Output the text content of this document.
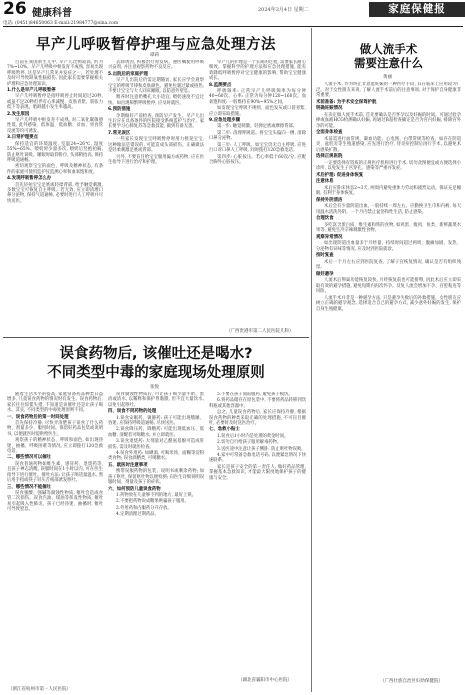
26 健康科普	2024年3月4日 星期二	家庭保健报
电话: (0451)84650063 E-mail:21984777@sina.com
早产儿呼吸暂停护理与应急处理方法
谭莉

目前在我国新生儿中, 早产儿比例较高, 约为7%~10%。早产儿呼吸中枢发育不成熟, 容易出现呼吸暂停, 这是早产儿常见并发症之一。若处理不及时可导致缺氧性脑损伤, 因此家长需要掌握相关护理和应急处理知识。

1.什么是早产儿呼吸暂停

早产儿呼吸暂停是指呼吸停止时间超过20秒, 或虽不足20秒但伴有心率减慢、皮肤青紫、肌张力低下等表现。胎龄越小发生率越高。

2.发生原因

早产儿呼吸中枢发育不成熟, 对二氧化碳敏感性低, 此外感染、低体温、低血糖、贫血、胃食管反流等均可诱发。

3.日常护理要点

保持适宜的环境温度, 室温24~26℃, 湿度55%~65%。喂奶时少量多次, 喂奶后竖抱拍嗝, 防止呕吐误吸。睡眠时取仰卧位, 头部稍抬高, 保持呼吸道通畅。

密切观察宝宝的面色、呼吸及精神状态, 有条件的家庭可使用监护仪监测心率和血氧饱和度。

4.发现呼吸暂停怎么办

首先轻拍宝宝足底或轻揉背部, 给予触觉刺激, 多数宝宝可恢复自主呼吸。若无效, 应立即清理口鼻分泌物, 保持气道通畅, 必要时进行人工呼吸并尽快送医。

去除诱因, 积极治疗原发病。遵医嘱使用呼吸兴奋剂, 并注意观察药物不良反应。

5.出院后的家庭护理

早产儿出院后仍需定期随访, 家长应学会观察宝宝的呼吸节律和皮肤颜色。避免包裹过紧或捂热, 不要让宝宝与大人同床睡眠, 以防意外窒息。

喂养时注意奶嘴孔大小适宜, 喂奶速度不宜过快。如出现频繁呼吸暂停, 应及时就医。

6.预防措施

孕期做好产前检查, 预防早产发生。早产儿出生后应在具备条件的医院接受系统监护与治疗。家长要学习心肺复苏等急救技能, 做到有备无患。

7.常见误区

一些家长发现宝宝呼吸暂停时用力摇晃宝宝, 这种做法是错误的, 可能造成头部损伤。正确做法是轻柔刺激足底或背部。

另外, 不要盲目给宝宝服用偏方或药物, 应在医生指导下进行治疗和护理。

早产儿的护理是一个长期的过程, 需要家长耐心细致。掌握科学的护理方法和应急处理措施, 能有效降低呼吸暂停对宝宝健康的影响, 帮助宝宝健康成长。

8.监测要点

呼吸频率: 正常早产儿呼吸频率为每分钟40~60次。心率: 正常为每分钟120~160次。血氧饱和度: 一般维持在90%~95%之间。

如发现宝宝呼吸不规则、面色发灰或口唇青紫, 应立即采取措施。

9.应急处理步骤

第一步: 触觉刺激。轻弹足底或摩擦背部。

第二步: 清理呼吸道。将宝宝头偏向一侧, 清除口鼻分泌物。

第三步: 人工呼吸。如宝宝仍无自主呼吸, 应进行口对口鼻人工呼吸, 同时拨打120急救电话。

第四步: 心脏按压。若心率低于60次/分, 应配合胸外心脏按压。

（广西贵港市第二人民医院儿科）
误食药物后, 该催吐还是喝水?
不同类型中毒的家庭现场处理原则
张悦

随着生活水平的提高, 家庭常备药品种类日益增多, 儿童误食药物的情况时有发生。误食药物后, 家长往往惊慌失措, 不知道是该催吐还是让孩子喝水。其实, 不同类型的中毒处理原则不同。

一、误食药物后的第一时间处理

首先保持冷静, 尽快弄清楚孩子误食了什么药物、剂量多少、服用时间。保留好药品包装或说明书, 以便就医时提供给医生。

观察孩子的精神状态、呼吸和面色, 如出现昏迷、抽搐、呼吸困难等情况, 应立即拨打120急救电话。

二、哪些情况可以催吐

误食普通药物如维生素、感冒药、退烧药等, 且孩子神志清醒, 误服时间在1小时以内, 可在医生指导下进行催吐。催吐方法: 让孩子喝适量温水, 然后用手指或筷子轻压舌根部诱发呕吐。

三、哪些情况不能催吐

误食强酸、强碱等腐蚀性物质, 催吐会造成食管二次损伤。误食汽油、煤油等挥发性物质, 催吐易引起吸入性肺炎。孩子已经昏迷、抽搐时, 催吐可导致窒息。

误食腐蚀性物质后, 可让孩子喝少量牛奶、蛋清或清水, 以稀释和保护胃黏膜, 但不宜大量饮水, 以免引起呕吐。

四、误食不同药物的处理

1.误食安眠药、镇静药: 孩子可能出现嗜睡、昏迷, 应保持呼吸道通畅, 尽快送医。

2.误食降压药、降糖药: 可能出现低血压、低血糖, 清醒者可喝糖水, 并立即就医。

3.误食退烧药: 大剂量对乙酰氨基酚可造成肝损伤, 需及时就医检查。

4.误食外用药: 如碘酒, 可喝米汤、面糊等淀粉类食物; 误食酒精类, 可喝糖水。

五、就医时注意事项

携带误服药物的包装、说明书或剩余药物; 如孩子呕吐, 保留呕吐物以便检测; 向医生详细说明误服时间、剂量及孩子的症状。

六、如何预防儿童误食药物

1.药物放在儿童够不到的地方, 最好上锁。

2.不要把药物说成糖果哄骗孩子服用。

3.外用药和内服药分开存放。

4.定期清理过期药品。

5.不要在孩子面前服药, 避免孩子模仿。

6.将药品储存在原包装中, 不要将药品转移到饮料瓶或其他容器中。

总之, 儿童误食药物后, 家长应保持冷静, 根据误食药物的种类采取正确的处理措施, 不可盲目催吐, 必要时及时送医治疗。

七、急救小贴士

1.误食后1小时内是处理的黄金时间。

2.切勿自行给孩子服用解毒药物。

3.送医途中注意让孩子侧卧, 防止呕吐物误吸。

4.家中可常备急救电话号码, 以便紧急情况下快速联系。

家长是孩子安全的第一责任人, 做好药品管理, 掌握基本急救知识, 才能最大限度地保护孩子的健康与安全。

（湖北省襄阳市中心医院）
做人流手术
需要注意什么
黄丽

人流手术, 作为终止非意愿妊娠的一种医疗手段, 其在临床上应用较为广泛。对于女性朋友来说, 了解人流手术前后的注意事项, 对于保护自身健康非常重要。

术前准备: 为手术安全保驾护航

明确妊娠情况

在决定做人流手术前, 首先要确认是否怀孕以及妊娠的时间。可通过验孕棒或血液HCG检测确认妊娠, 再通过B超检查确定是否为宫内妊娠, 排除宫外孕的可能。

全面身体检查

术前需进行血常规、凝血功能、心电图、白带常规等检查。如存在阴道炎、盆腔炎等生殖道感染, 应先进行治疗, 待炎症控制后再行手术, 以避免术后感染扩散。

选择正规医院

一定要选择有资质的正规医疗机构进行手术, 切勿贪图便宜或方便选择小诊所, 以免发生子宫穿孔、感染等严重并发症。

术后护理: 促进身体恢复

注意休息

术后应卧床休息2~3天, 两周内避免重体力劳动和剧烈运动。保证充足睡眠, 有利于身体恢复。

保持外阴清洁

术后会有少量阴道出血, 一般持续一周左右。应勤换卫生巾和内裤, 每天用温水清洗外阴。一个月内禁止盆浴和性生活, 防止感染。

合理饮食

多吃富含蛋白质、维生素和铁的食物, 如鸡蛋、瘦肉、鱼类、新鲜蔬菜水果等, 避免生冷辛辣刺激性食物。

观察异常情况

如出现阴道出血量多于月经量、持续时间超过两周、腹痛加剧、发热、分泌物有异味等情况, 应及时到医院就诊。

按时复查

术后一个月左右应到医院复查, 了解子宫恢复情况, 确认是否有组织残留。

做好避孕

人流术后卵巢功能恢复较快, 月经恢复前也可能排卵, 因此术后应立即采取有效的避孕措施, 避免短期内再次怀孕。反复人流会增加不孕、宫腔粘连等风险。

人流手术并非是一种避孕方法, 只是避孕失败后的补救措施。女性朋友应树立正确的避孕观念, 选择适合自己的避孕方式, 减少意外妊娠的发生, 保护自身生殖健康。

（广西壮族自治区妇幼保健院）
（浙江省杭州市第一人民医院）
